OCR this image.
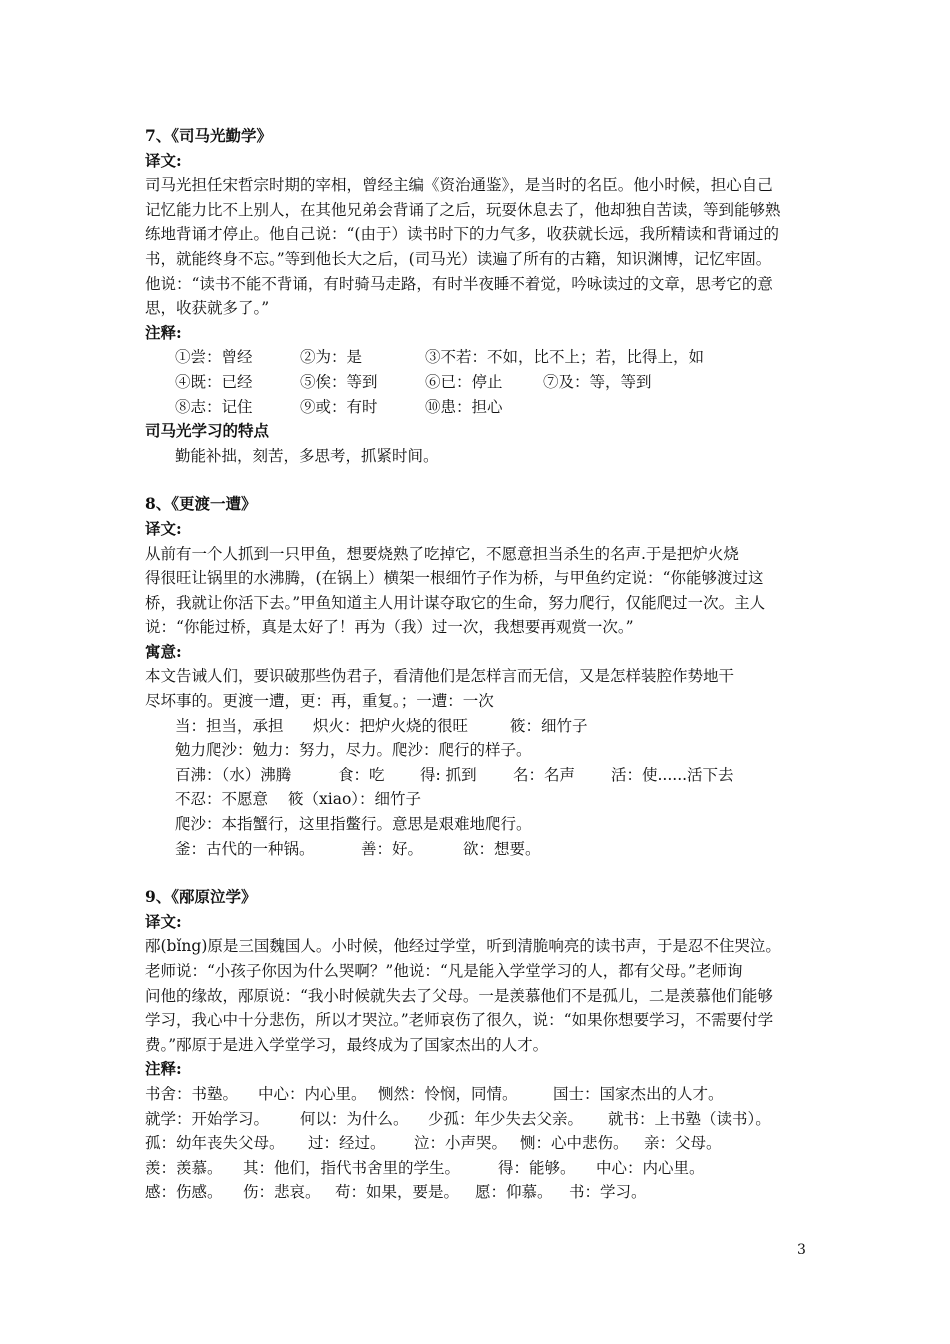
7、《司马光勤学》
译文:
司马光担任宋哲宗时期的宰相，曾经主编《资治通鉴》，是当时的名臣。他小时候，担心自己
记忆能力比不上别人，在其他兄弟会背诵了之后，玩耍休息去了，他却独自苦读，等到能够熟
练地背诵才停止。他自己说：“(由于）读书时下的力气多，收获就长远，我所精读和背诵过的
书，就能终身不忘。”等到他长大之后，(司马光）读遍了所有的古籍，知识渊博，记忆牢固。
他说：“读书不能不背诵，有时骑马走路，有时半夜睡不着觉，吟咏读过的文章，思考它的意
思，收获就多了。”
注释:
①尝：曾经	②为：是	③不若：不如，比不上；若，比得上，如
④既：已经	⑤俟：等到	⑥已：停止	⑦及：等，等到
⑧志：记住	⑨或：有时	⑩患：担心
司马光学习的特点
勤能补拙，刻苦，多思考，抓紧时间。
8、《更渡一遭》
译文:
从前有一个人抓到一只甲鱼，想要烧熟了吃掉它，不愿意担当杀生的名声.于是把炉火烧
得很旺让锅里的水沸腾，(在锅上）横架一根细竹子作为桥，与甲鱼约定说：“你能够渡过这
桥，我就让你活下去。”甲鱼知道主人用计谋夺取它的生命，努力爬行，仅能爬过一次。主人
说：“你能过桥，真是太好了！再为（我）过一次，我想要再观赏一次。”
寓意:
本文告诫人们，要识破那些伪君子，看清他们是怎样言而无信，又是怎样装腔作势地干
尽坏事的。更渡一遭，更：再，重复。；一遭：一次
当：担当，承担	炽火：把炉火烧的很旺	筱：细竹子
勉力爬沙：勉力：努力，尽力。爬沙：爬行的样子。
百沸：（水）沸腾	食：吃	得: 抓到	名：名声	活：使......活下去
不忍：不愿意	筱（xiao）：细竹子
爬沙：本指蟹行，这里指鳖行。意思是艰难地爬行。
釜：古代的一种锅。	善：好。	欲：想要。
9、《邴原泣学》
译文:
邴(bǐng)原是三国魏国人。小时候，他经过学堂，听到清脆响亮的读书声，于是忍不住哭泣。
老师说：“小孩子你因为什么哭啊？”他说：“凡是能入学堂学习的人，都有父母。”老师询
问他的缘故，邴原说：“我小时候就失去了父母。一是羡慕他们不是孤儿，二是羡慕他们能够
学习，我心中十分悲伤，所以才哭泣。”老师哀伤了很久，说：“如果你想要学习，不需要付学
费。”邴原于是进入学堂学习，最终成为了国家杰出的人才。
注释:
书舍：书塾。	中心：内心里。 恻然：怜悯，同情。	国士：国家杰出的人才。
就学：开始学习。	何以：为什么。	少孤：年少失去父亲。	就书：上书塾（读书）。
孤：幼年丧失父母。	过：经过。	泣：小声哭。 恻：心中悲伤。 亲：父母。
羡：羡慕。	其：他们，指代书舍里的学生。	得：能够。	中心：内心里。
感：伤感。	伤：悲哀。 苟：如果，要是。	愿：仰慕。	书：学习。
3
